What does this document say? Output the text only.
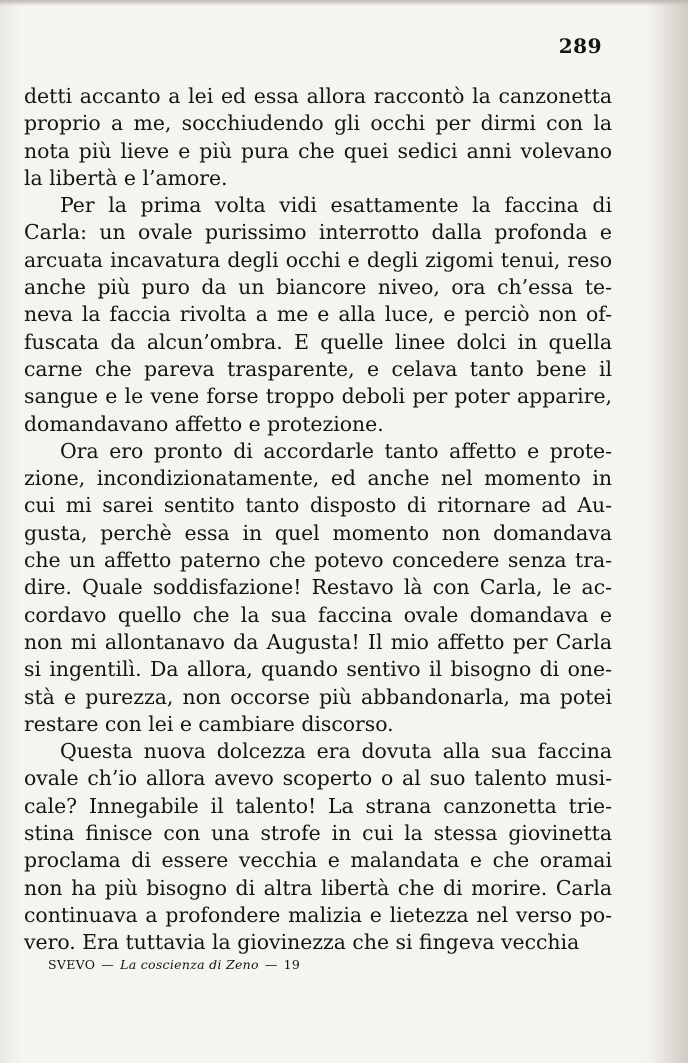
289
detti accanto a lei ed essa allora raccontò la canzonetta
proprio a me, socchiudendo gli occhi per dirmi con la
nota più lieve e più pura che quei sedici anni volevano
la libertà e l’amore.
Per la prima volta vidi esattamente la faccina di
Carla: un ovale purissimo interrotto dalla profonda e
arcuata incavatura degli occhi e degli zigomi tenui, reso
anche più puro da un biancore niveo, ora ch’essa te-
neva la faccia rivolta a me e alla luce, e perciò non of-
fuscata da alcun’ombra. E quelle linee dolci in quella
carne che pareva trasparente, e celava tanto bene il
sangue e le vene forse troppo deboli per poter apparire,
domandavano affetto e protezione.
Ora ero pronto di accordarle tanto affetto e prote-
zione, incondizionatamente, ed anche nel momento in
cui mi sarei sentito tanto disposto di ritornare ad Au-
gusta, perchè essa in quel momento non domandava
che un affetto paterno che potevo concedere senza tra-
dire. Quale soddisfazione! Restavo là con Carla, le ac-
cordavo quello che la sua faccina ovale domandava e
non mi allontanavo da Augusta! Il mio affetto per Carla
si ingentilì. Da allora, quando sentivo il bisogno di one-
stà e purezza, non occorse più abbandonarla, ma potei
restare con lei e cambiare discorso.
Questa nuova dolcezza era dovuta alla sua faccina
ovale ch’io allora avevo scoperto o al suo talento musi-
cale? Innegabile il talento! La strana canzonetta trie-
stina finisce con una strofe in cui la stessa giovinetta
proclama di essere vecchia e malandata e che oramai
non ha più bisogno di altra libertà che di morire. Carla
continuava a profondere malizia e lietezza nel verso po-
vero. Era tuttavia la giovinezza che si fingeva vecchia
SVEVO — La coscienza di Zeno — 19
